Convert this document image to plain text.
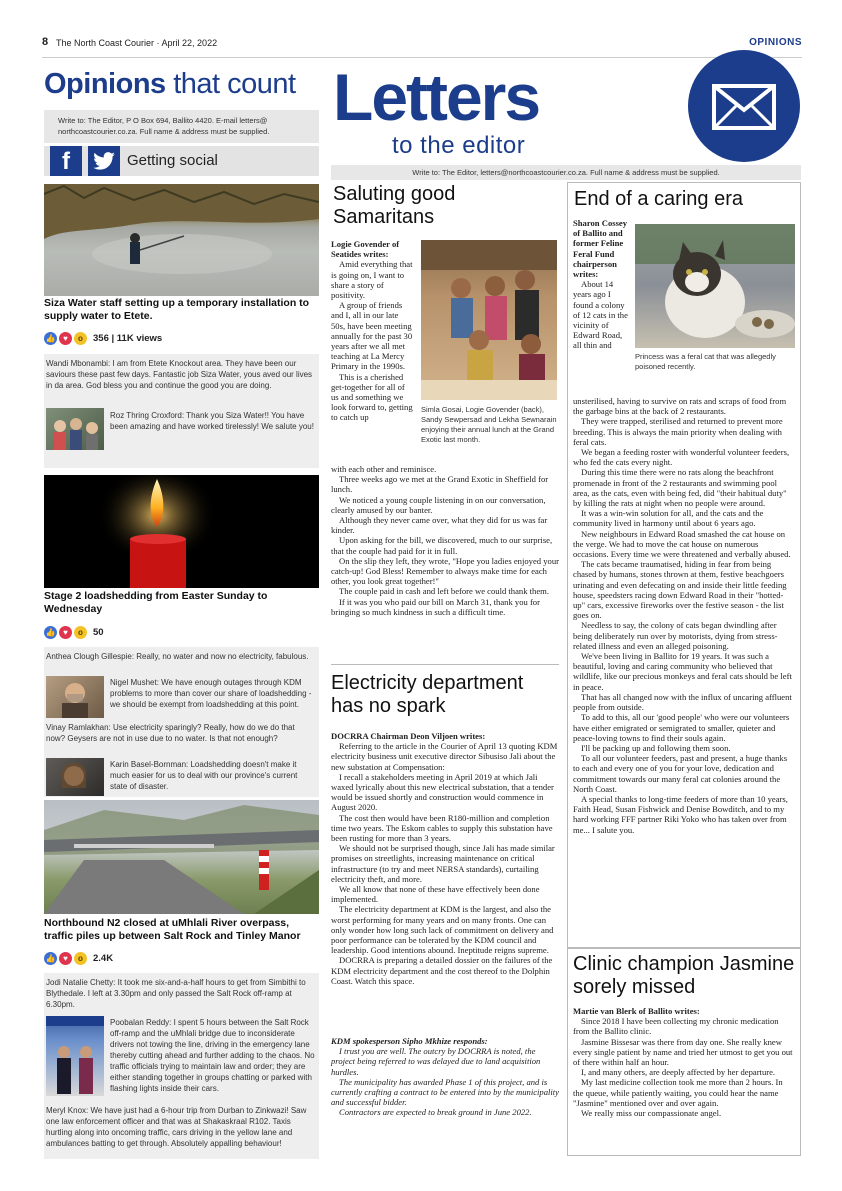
8 The North Coast Courier · April 22, 2022	OPINIONS
Opinions that count
Write to: The Editor, P O Box 694, Ballito 4420. E-mail letters@ northcoastcourier.co.za. Full name & address must be supplied.
f	Getting social
Siza Water staff setting up a temporary installation to supply water to Etete.
👍 ♥	o	356 | 11K views
Wandi Mbonambi: I am from Etete Knockout area. They have been our saviours these past few days. Fantastic job Siza Water, yous aved our lives in da area. God bless you and continue the good you are doing.
Roz Thring Croxford: Thank you Siza Water!! You have been amazing and have worked tirelessly! We salute you!
Stage 2 loadshedding from Easter Sunday to Wednesday
👍 ♥	o	50
Anthea Clough Gillespie: Really, no water and now no electricity, fabulous.
Nigel Mushet: We have enough outages through KDM problems to more than cover our share of loadshedding - we should be exempt from loadshedding at this point.
Vinay Ramlakhan: Use electricity sparingly? Really, how do we do that now? Geysers are not in use due to no water. Is that not enough?
Karin Basel-Bornman: Loadshedding doesn't make it much easier for us to deal with our province's current state of disaster.
Northbound N2 closed at uMhlali River overpass, traffic piles up between Salt Rock and Tinley Manor
👍 ♥	o	2.4K
Jodi Natalie Chetty: It took me six-and-a-half hours to get from Simbithi to Blythedale. I left at 3.30pm and only passed the Salt Rock off-ramp at 6.30pm.
Poobalan Reddy: I spent 5 hours between the Salt Rock off-ramp and the uMhlali bridge due to inconsiderate drivers not towing the line, driving in the emergency lane thereby cutting ahead and further adding to the chaos. No traffic officials trying to maintain law and order; they are either standing together in groups chatting or parked with flashing lights inside their cars.
Meryl Knox: We have just had a 6-hour trip from Durban to Zinkwazi! Saw one law enforcement officer and that was at Shakaskraal R102. Taxis hurtling along into oncoming traffic, cars driving in the yellow lane and ambulances batting to get through. Absolutely appalling behaviour!
Letters
to the editor
Write to: The Editor, letters@northcoastcourier.co.za. Full name & address must be supplied.
Saluting good Samaritans

Logie Govender of Seatides writes:

Amid everything that is going on, I want to share a story of positivity.

A group of friends and I, all in our late 50s, have been meeting annually for the past 30 years after we all met teaching at La Mercy Primary in the 1990s.

This is a cherished get-together for all of us and something we look forward to, getting to catch up

Simla Gosai, Logie Govender (back), Sandy Sewpersad and Lekha Sewnarain enjoying their annual lunch at the Grand Exotic last month.

with each other and reminisce.

Three weeks ago we met at the Grand Exotic in Sheffield for lunch.

We noticed a young couple listening in on our conversation, clearly amused by our banter.

Although they never came over, what they did for us was far kinder.

Upon asking for the bill, we discovered, much to our surprise, that the couple had paid for it in full.

On the slip they left, they wrote, "Hope you ladies enjoyed your catch-up! God Bless! Remember to always make time for each other, you look great together!"

The couple paid in cash and left before we could thank them.

If it was you who paid our bill on March 31, thank you for bringing so much kindness in such a difficult time.

Electricity department has no spark

DOCRRA Chairman Deon Viljoen writes:

Referring to the article in the Courier of April 13 quoting KDM electricity business unit executive director Sibusiso Jali about the new substation at Compensation:

I recall a stakeholders meeting in April 2019 at which Jali waxed lyrically about this new electrical substation, that a tender would be issued shortly and construction would commence in August 2020.

The cost then would have been R180-million and completion time two years. The Eskom cables to supply this substation have been rusting for more than 3 years.

We should not be surprised though, since Jali has made similar promises on streetlights, increasing maintenance on critical infrastructure (to try and meet NERSA standards), curtailing electricity theft, and more.

We all know that none of these have effectively been done implemented.

The electricity department at KDM is the largest, and also the worst performing for many years and on many fronts. One can only wonder how long such lack of commitment on delivery and poor performance can be tolerated by the KDM council and leadership. Good intentions abound. Ineptitude reigns supreme.

DOCRRA is preparing a detailed dossier on the failures of the KDM electricity department and the cost thereof to the Dolphin Coast. Watch this space.

KDM spokesperson Sipho Mkhize responds:

I trust you are well. The outcry by DOCRRA is noted, the project being referred to was delayed due to land acquisition hurdles.

The municipality has awarded Phase 1 of this project, and is currently crafting a contract to be entered into by the municipality and successful bidder.

Contractors are expected to break ground in June 2022.

End of a caring era

Sharon Cossey of Ballito and former Feline Feral Fund chairperson writes:

About 14 years ago I found a colony of 12 cats in the vicinity of Edward Road, all thin and

Princess was a feral cat that was allegedly poisoned recently.

unsterilised, having to survive on rats and scraps of food from the garbage bins at the back of 2 restaurants.

They were trapped, sterilised and returned to prevent more breeding. This is always the main priority when dealing with feral cats.

We began a feeding roster with wonderful volunteer feeders, who fed the cats every night.

During this time there were no rats along the beachfront promenade in front of the 2 restaurants and swimming pool area, as the cats, even with being fed, did "their habitual duty" by killing the rats at night when no people were around.

It was a win-win solution for all, and the cats and the community lived in harmony until about 6 years ago.

New neighbours in Edward Road smashed the cat house on the verge. We had to move the cat house on numerous occasions. Every time we were threatened and verbally abused.

The cats became traumatised, hiding in fear from being chased by humans, stones thrown at them, festive beachgoers urinating and even defecating on and inside their little feeding house, speedsters racing down Edward Road in their "hotted-up" cars, excessive fireworks over the festive season - the list goes on.

Needless to say, the colony of cats began dwindling after being deliberately run over by motorists, dying from stress-related illness and even an alleged poisoning.

We've been living in Ballito for 19 years. It was such a beautiful, loving and caring community who believed that wildlife, like our precious monkeys and feral cats should be left in peace.

That has all changed now with the influx of uncaring affluent people from outside.

To add to this, all our 'good people' who were our volunteers have either emigrated or semigrated to smaller, quieter and peace-loving towns to find their souls again.

I'll be packing up and following them soon.

To all our volunteer feeders, past and present, a huge thanks to each and every one of you for your love, dedication and commitment towards our many feral cat colonies around the North Coast.

A special thanks to long-time feeders of more than 10 years, Faith Head, Susan Fishwick and Denise Bowditch, and to my hard working FFF partner Riki Yoko who has taken over from me... I salute you.

Clinic champion Jasmine sorely missed

Martie van Blerk of Ballito writes:

Since 2018 I have been collecting my chronic medication from the Ballito clinic.

Jasmine Bissesar was there from day one. She really knew every single patient by name and tried her utmost to get you out of there within half an hour.

I, and many others, are deeply affected by her departure.

My last medicine collection took me more than 2 hours. In the queue, while patiently waiting, you could hear the name "Jasmine" mentioned over and over again.

We really miss our compassionate angel.
